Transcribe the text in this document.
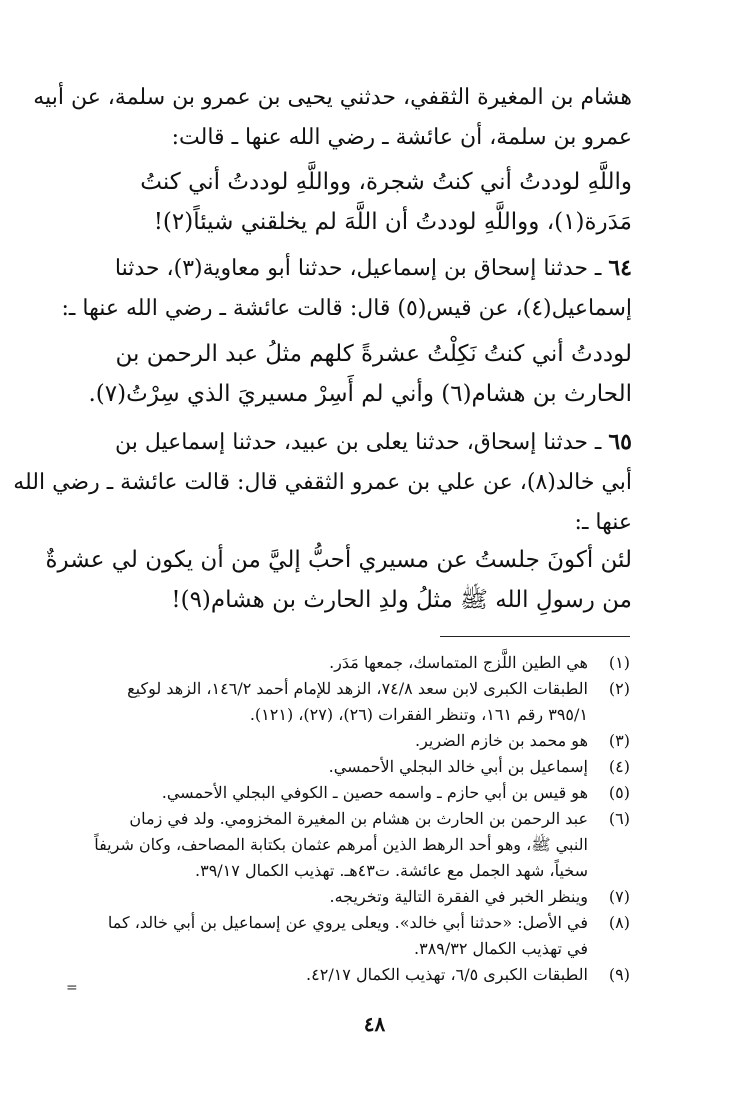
هشام بن المغيرة الثقفي، حدثني يحيى بن عمرو بن سلمة، عن أبيه
عمرو بن سلمة، أن عائشة ـ رضي الله عنها ـ قالت:
واللَّهِ لوددتُ أني كنتُ شجرة، وواللَّهِ لوددتُ أني كنتُ
مَدَرة(١)، وواللَّهِ لوددتُ أن اللَّهَ لم يخلقني شيئاً(٢)!
٦٤ ـ حدثنا إسحاق بن إسماعيل، حدثنا أبو معاوية(٣)، حدثنا
إسماعيل(٤)، عن قيس(٥) قال: قالت عائشة ـ رضي الله عنها ـ:
لوددتُ أني كنتُ نَكِلْتُ عشرةً كلهم مثلُ عبد الرحمن بن
الحارث بن هشام(٦) وأني لم أَسِرْ مسيريَ الذي سِرْتُ(٧).
٦٥ ـ حدثنا إسحاق، حدثنا يعلى بن عبيد، حدثنا إسماعيل بن
أبي خالد(٨)، عن علي بن عمرو الثقفي قال: قالت عائشة ـ رضي الله
عنها ـ:
لئن أكونَ جلستُ عن مسيري أحبُّ إليَّ من أن يكون لي عشرةٌ
من رسولِ الله ﷺ مثلُ ولدِ الحارث بن هشام(٩)!
(١)
هي الطين اللَّزج المتماسك، جمعها مَدَر.
(٢)
الطبقات الكبرى لابن سعد ٧٤/٨، الزهد للإمام أحمد ١٤٦/٢، الزهد لوكيع
٣٩٥/١ رقم ١٦١، وتنظر الفقرات (٢٦)، (٢٧)، (١٢١).
(٣)
هو محمد بن خازم الضرير.
(٤)
إسماعيل بن أبي خالد البجلي الأحمسي.
(٥)
هو قيس بن أبي حازم ـ واسمه حصين ـ الكوفي البجلي الأحمسي.
(٦)
عبد الرحمن بن الحارث بن هشام بن المغيرة المخزومي. ولد في زمان
النبي ﷺ، وهو أحد الرهط الذين أمرهم عثمان بكتابة المصاحف، وكان شريفاً
سخياً، شهد الجمل مع عائشة. ت٤٣هـ. تهذيب الكمال ٣٩/١٧.
(٧)
وينظر الخبر في الفقرة التالية وتخريجه.
(٨)
في الأصل: «حدثنا أبي خالد». ويعلى يروي عن إسماعيل بن أبي خالد، كما
في تهذيب الكمال ٣٨٩/٣٢.
(٩)
الطبقات الكبرى ٦/٥، تهذيب الكمال ٤٢/١٧.
=
٤٨
